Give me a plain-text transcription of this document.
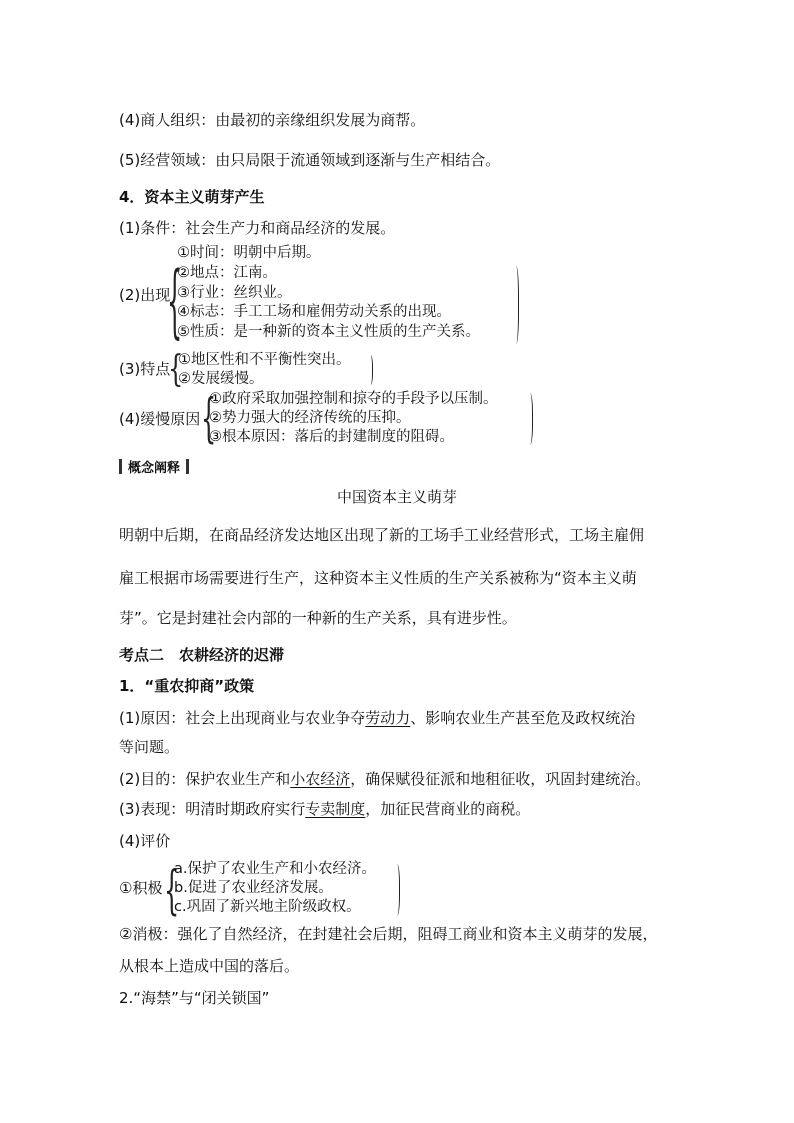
(4)商人组织：由最初的亲缘组织发展为商帮。
(5)经营领域：由只局限于流通领域到逐渐与生产相结合。
4．资本主义萌芽产生
(1)条件：社会生产力和商品经济的发展。
(2)出现
{
①时间：明朝中后期。
②地点：江南。
③行业：丝织业。
④标志：手工工场和雇佣劳动关系的出现。
⑤性质：是一种新的资本主义性质的生产关系。
(3)特点
{
①地区性和不平衡性突出。
②发展缓慢。
(4)缓慢原因 {
①政府采取加强控制和掠夺的手段予以压制。
②势力强大的经济传统的压抑。
③根本原因：落后的封建制度的阻碍。
概念阐释
中国资本主义萌芽
明朝中后期，在商品经济发达地区出现了新的工场手工业经营形式，工场主雇佣
雇工根据市场需要进行生产，这种资本主义性质的生产关系被称为“资本主义萌
芽”。它是封建社会内部的一种新的生产关系，具有进步性。
考点二　农耕经济的迟滞
1．“重农抑商”政策
(1)原因：社会上出现商业与农业争夺劳动力、影响农业生产甚至危及政权统治
等问题。
(2)目的：保护农业生产和小农经济，确保赋役征派和地租征收，巩固封建统治。
(3)表现：明清时期政府实行专卖制度，加征民营商业的商税。
(4)评价
①积极 {
a.保护了农业生产和小农经济。
b.促进了农业经济发展。
c.巩固了新兴地主阶级政权。
②消极：强化了自然经济，在封建社会后期，阻碍工商业和资本主义萌芽的发展，
从根本上造成中国的落后。
2.“海禁”与“闭关锁国”
